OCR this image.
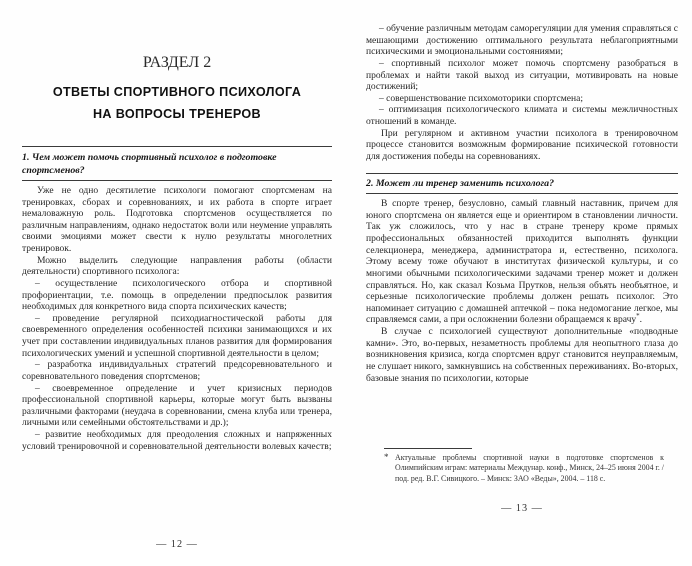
РАЗДЕЛ 2
ОТВЕТЫ СПОРТИВНОГО ПСИХОЛОГА
НА ВОПРОСЫ ТРЕНЕРОВ
1. Чем может помочь спортивный психолог в подготовке спортсменов?

Уже не одно десятилетие психологи помогают спортсменам на тренировках, сборах и соревнованиях, и их работа в спорте играет немаловажную роль. Подготовка спортсменов осуществляется по различным направлениям, однако недостаток воли или неумение управлять своими эмоциями может свести к нулю результаты многолетних тренировок.

Можно выделить следующие направления работы (области деятельности) спортивного психолога:

– осуществление психологического отбора и спортивной профориентации, т.е. помощь в определении предпосылок развития необходимых для конкретного вида спорта психических качеств;

– проведение регулярной психодиагностической работы для своевременного определения особенностей психики занимающихся и их учет при составлении индивидуальных планов развития для формирования психологических умений и успешной спортивной деятельности в целом;

– разработка индивидуальных стратегий предсоревновательного и соревновательного поведения спортсменов;

– своевременное определение и учет кризисных периодов профессиональной спортивной карьеры, которые могут быть вызваны различными факторами (неудача в соревновании, смена клуба или тренера, личными или семейными обстоятельствами и др.);

– развитие необходимых для преодоления сложных и напряженных условий тренировочной и соревновательной деятельности волевых качеств;

— 12 —

– обучение различным методам саморегуляции для умения справляться с мешающими достижению оптимального результата неблагоприятными психическими и эмоциональными состояниями;

– спортивный психолог может помочь спортсмену разобраться в проблемах и найти такой выход из ситуации, мотивировать на новые достижений;

– совершенствование психомоторики спортсмена;

– оптимизация психологического климата и системы межличностных отношений в команде.

При регулярном и активном участии психолога в тренировочном процессе становится возможным формирование психической готовности для достижения победы на соревнованиях.

2. Может ли тренер заменить психолога?

В спорте тренер, безусловно, самый главный наставник, причем для юного спортсмена он является еще и ориентиром в становлении личности. Так уж сложилось, что у нас в стране тренеру кроме прямых профессиональных обязанностей приходится выполнять функции селекционера, менеджера, администратора и, естественно, психолога. Этому всему тоже обучают в институтах физической культуры, и со многими обычными психологическими задачами тренер может и должен справляться. Но, как сказал Козьма Прутков, нельзя объять необъятное, и серьезные психологические проблемы должен решать психолог. Это напоминает ситуацию с домашней аптечкой – пока недомогание легкое, мы справляемся сами, а при осложнении болезни обращаемся к врачу*.

В случае с психологией существуют дополнительные «подводные камни». Это, во-первых, незаметность проблемы для неопытного глаза до возникновения кризиса, когда спортсмен вдруг становится неуправляемым, не слушает никого, замкнувшись на собственных переживаниях. Во-вторых, базовые знания по психологии, которые

* Актуальные проблемы спортивной науки в подготовке спортсменов к Олимпийским играм: материалы Междунар. конф., Минск, 24–25 июня 2004 г. / под. ред. В.Г. Сивицкого. – Минск: ЗАО «Веды», 2004. – 118 с.
— 13 —
